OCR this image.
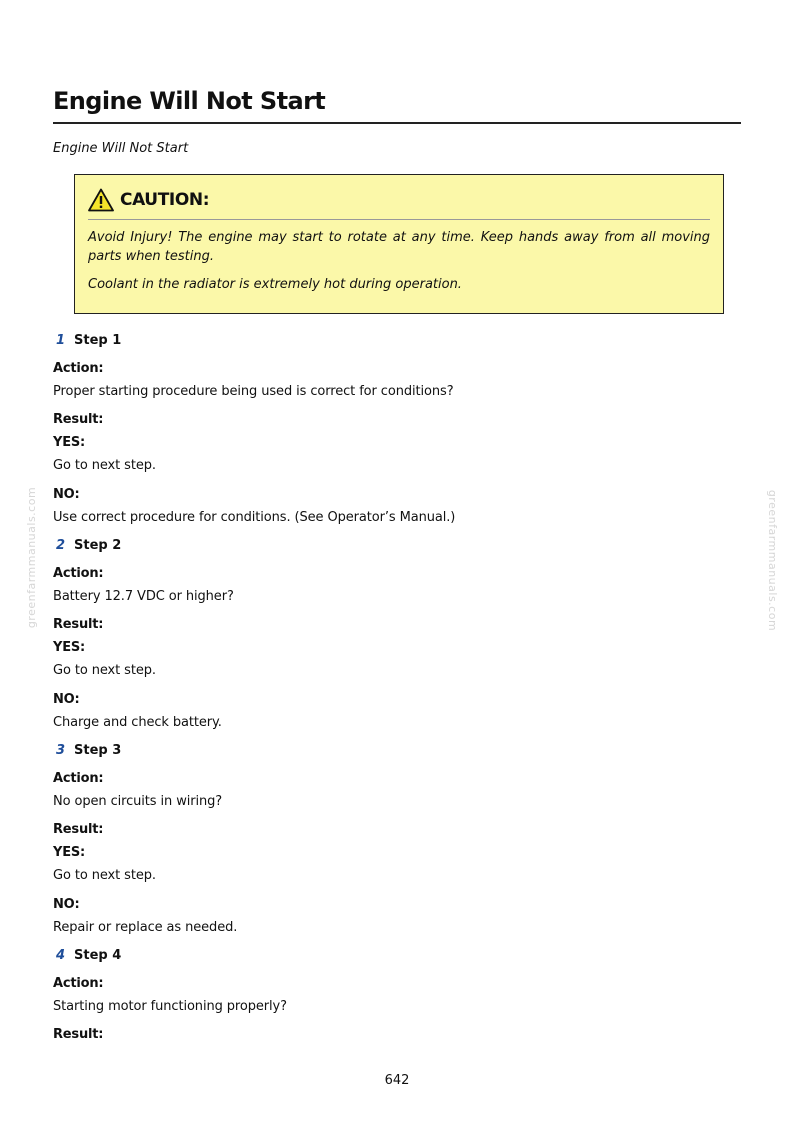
Engine Will Not Start
Engine Will Not Start
CAUTION:
Avoid Injury! The engine may start to rotate at any time. Keep hands away from all moving parts when testing.
Coolant in the radiator is extremely hot during operation.
1 Step 1
Action:
Proper starting procedure being used is correct for conditions?
Result:
YES:
Go to next step.
NO:
Use correct procedure for conditions. (See Operator’s Manual.)
2 Step 2
Action:
Battery 12.7 VDC or higher?
Result:
YES:
Go to next step.
NO:
Charge and check battery.
3 Step 3
Action:
No open circuits in wiring?
Result:
YES:
Go to next step.
NO:
Repair or replace as needed.
4 Step 4
Action:
Starting motor functioning properly?
Result:
greenfarmmanuals.com	greenfarmmanuals.com
642
